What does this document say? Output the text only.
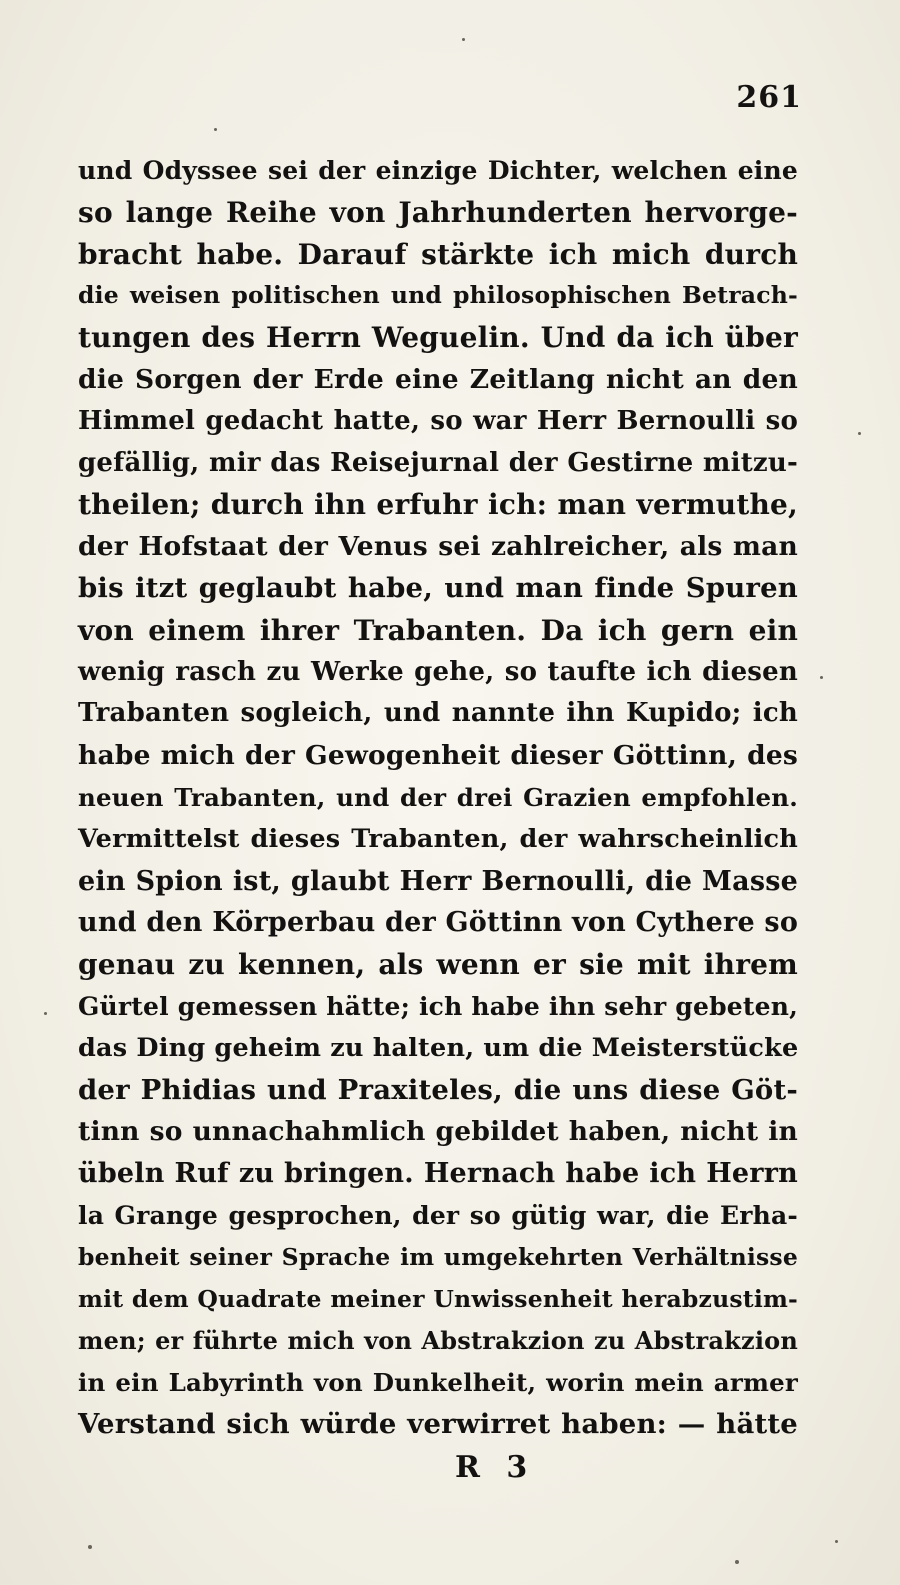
261
und Odyssee sei der einzige Dichter, welchen eine
so lange Reihe von Jahrhunderten hervorge-
bracht habe. Darauf stärkte ich mich durch
die weisen politischen und philosophischen Betrach-
tungen des Herrn Weguelin. Und da ich über
die Sorgen der Erde eine Zeitlang nicht an den
Himmel gedacht hatte, so war Herr Bernoulli so
gefällig, mir das Reisejurnal der Gestirne mitzu-
theilen; durch ihn erfuhr ich: man vermuthe,
der Hofstaat der Venus sei zahlreicher, als man
bis itzt geglaubt habe, und man finde Spuren
von einem ihrer Trabanten. Da ich gern ein
wenig rasch zu Werke gehe, so taufte ich diesen
Trabanten sogleich, und nannte ihn Kupido; ich
habe mich der Gewogenheit dieser Göttinn, des
neuen Trabanten, und der drei Grazien empfohlen.
Vermittelst dieses Trabanten, der wahrscheinlich
ein Spion ist, glaubt Herr Bernoulli, die Masse
und den Körperbau der Göttinn von Cythere so
genau zu kennen, als wenn er sie mit ihrem
Gürtel gemessen hätte; ich habe ihn sehr gebeten,
das Ding geheim zu halten, um die Meisterstücke
der Phidias und Praxiteles, die uns diese Göt-
tinn so unnachahmlich gebildet haben, nicht in
übeln Ruf zu bringen. Hernach habe ich Herrn
la Grange gesprochen, der so gütig war, die Erha-
benheit seiner Sprache im umgekehrten Verhältnisse
mit dem Quadrate meiner Unwissenheit herabzustim-
men; er führte mich von Abstrakzion zu Abstrakzion
in ein Labyrinth von Dunkelheit, worin mein armer
Verstand sich würde verwirret haben: — hätte
R 3
